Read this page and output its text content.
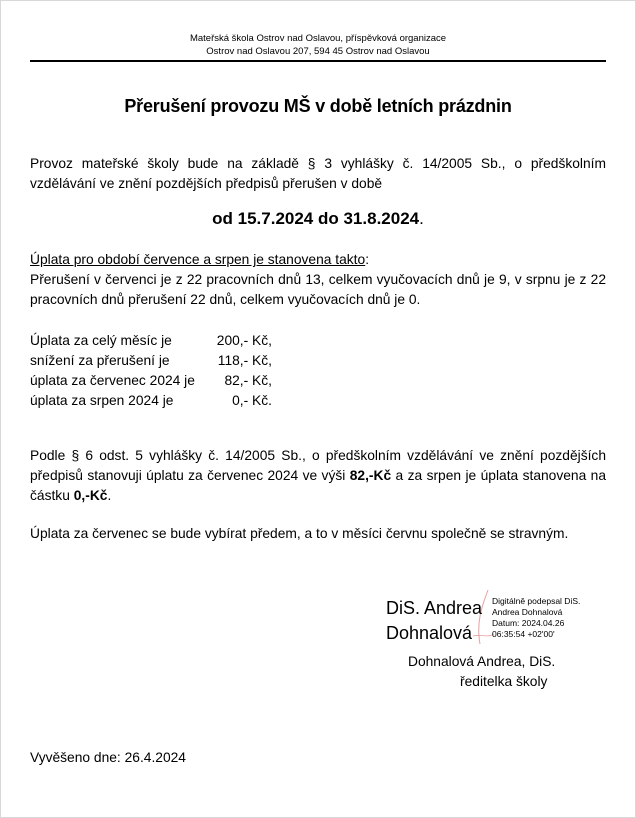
Mateřská škola Ostrov nad Oslavou, příspěvková organizace
Ostrov nad Oslavou 207, 594 45 Ostrov nad Oslavou
Přerušení provozu MŠ v době letních prázdnin
Provoz mateřské školy bude na základě § 3 vyhlášky č. 14/2005 Sb., o předškolním vzdělávání ve znění pozdějších předpisů přerušen v době
od 15.7.2024 do 31.8.2024.
Úplata pro období července a srpen je stanovena takto:
Přerušení v červenci je z 22 pracovních dnů 13, celkem vyučovacích dnů je 9, v srpnu je z 22 pracovních dnů přerušení 22 dnů, celkem vyučovacích dnů je 0.
Úplata za celý měsíc je	200,- Kč,
snížení za přerušení je	118,- Kč,
úplata za červenec 2024 je	82,- Kč,
úplata za srpen 2024 je	0,- Kč.
Podle § 6 odst. 5 vyhlášky č. 14/2005 Sb., o předškolním vzdělávání ve znění pozdějších předpisů stanovuji úplatu za červenec 2024 ve výši 82,-Kč a za srpen je úplata stanovena na částku 0,-Kč.
Úplata za červenec se bude vybírat předem, a to v měsíci červnu společně se stravným.
DiS. Andrea
Dohnalová
Digitálně podepsal DiS.
Andrea Dohnalová
Datum: 2024.04.26
06:35:54 +02'00'
Dohnalová Andrea, DiS.
ředitelka školy
Vyvěšeno dne: 26.4.2024
